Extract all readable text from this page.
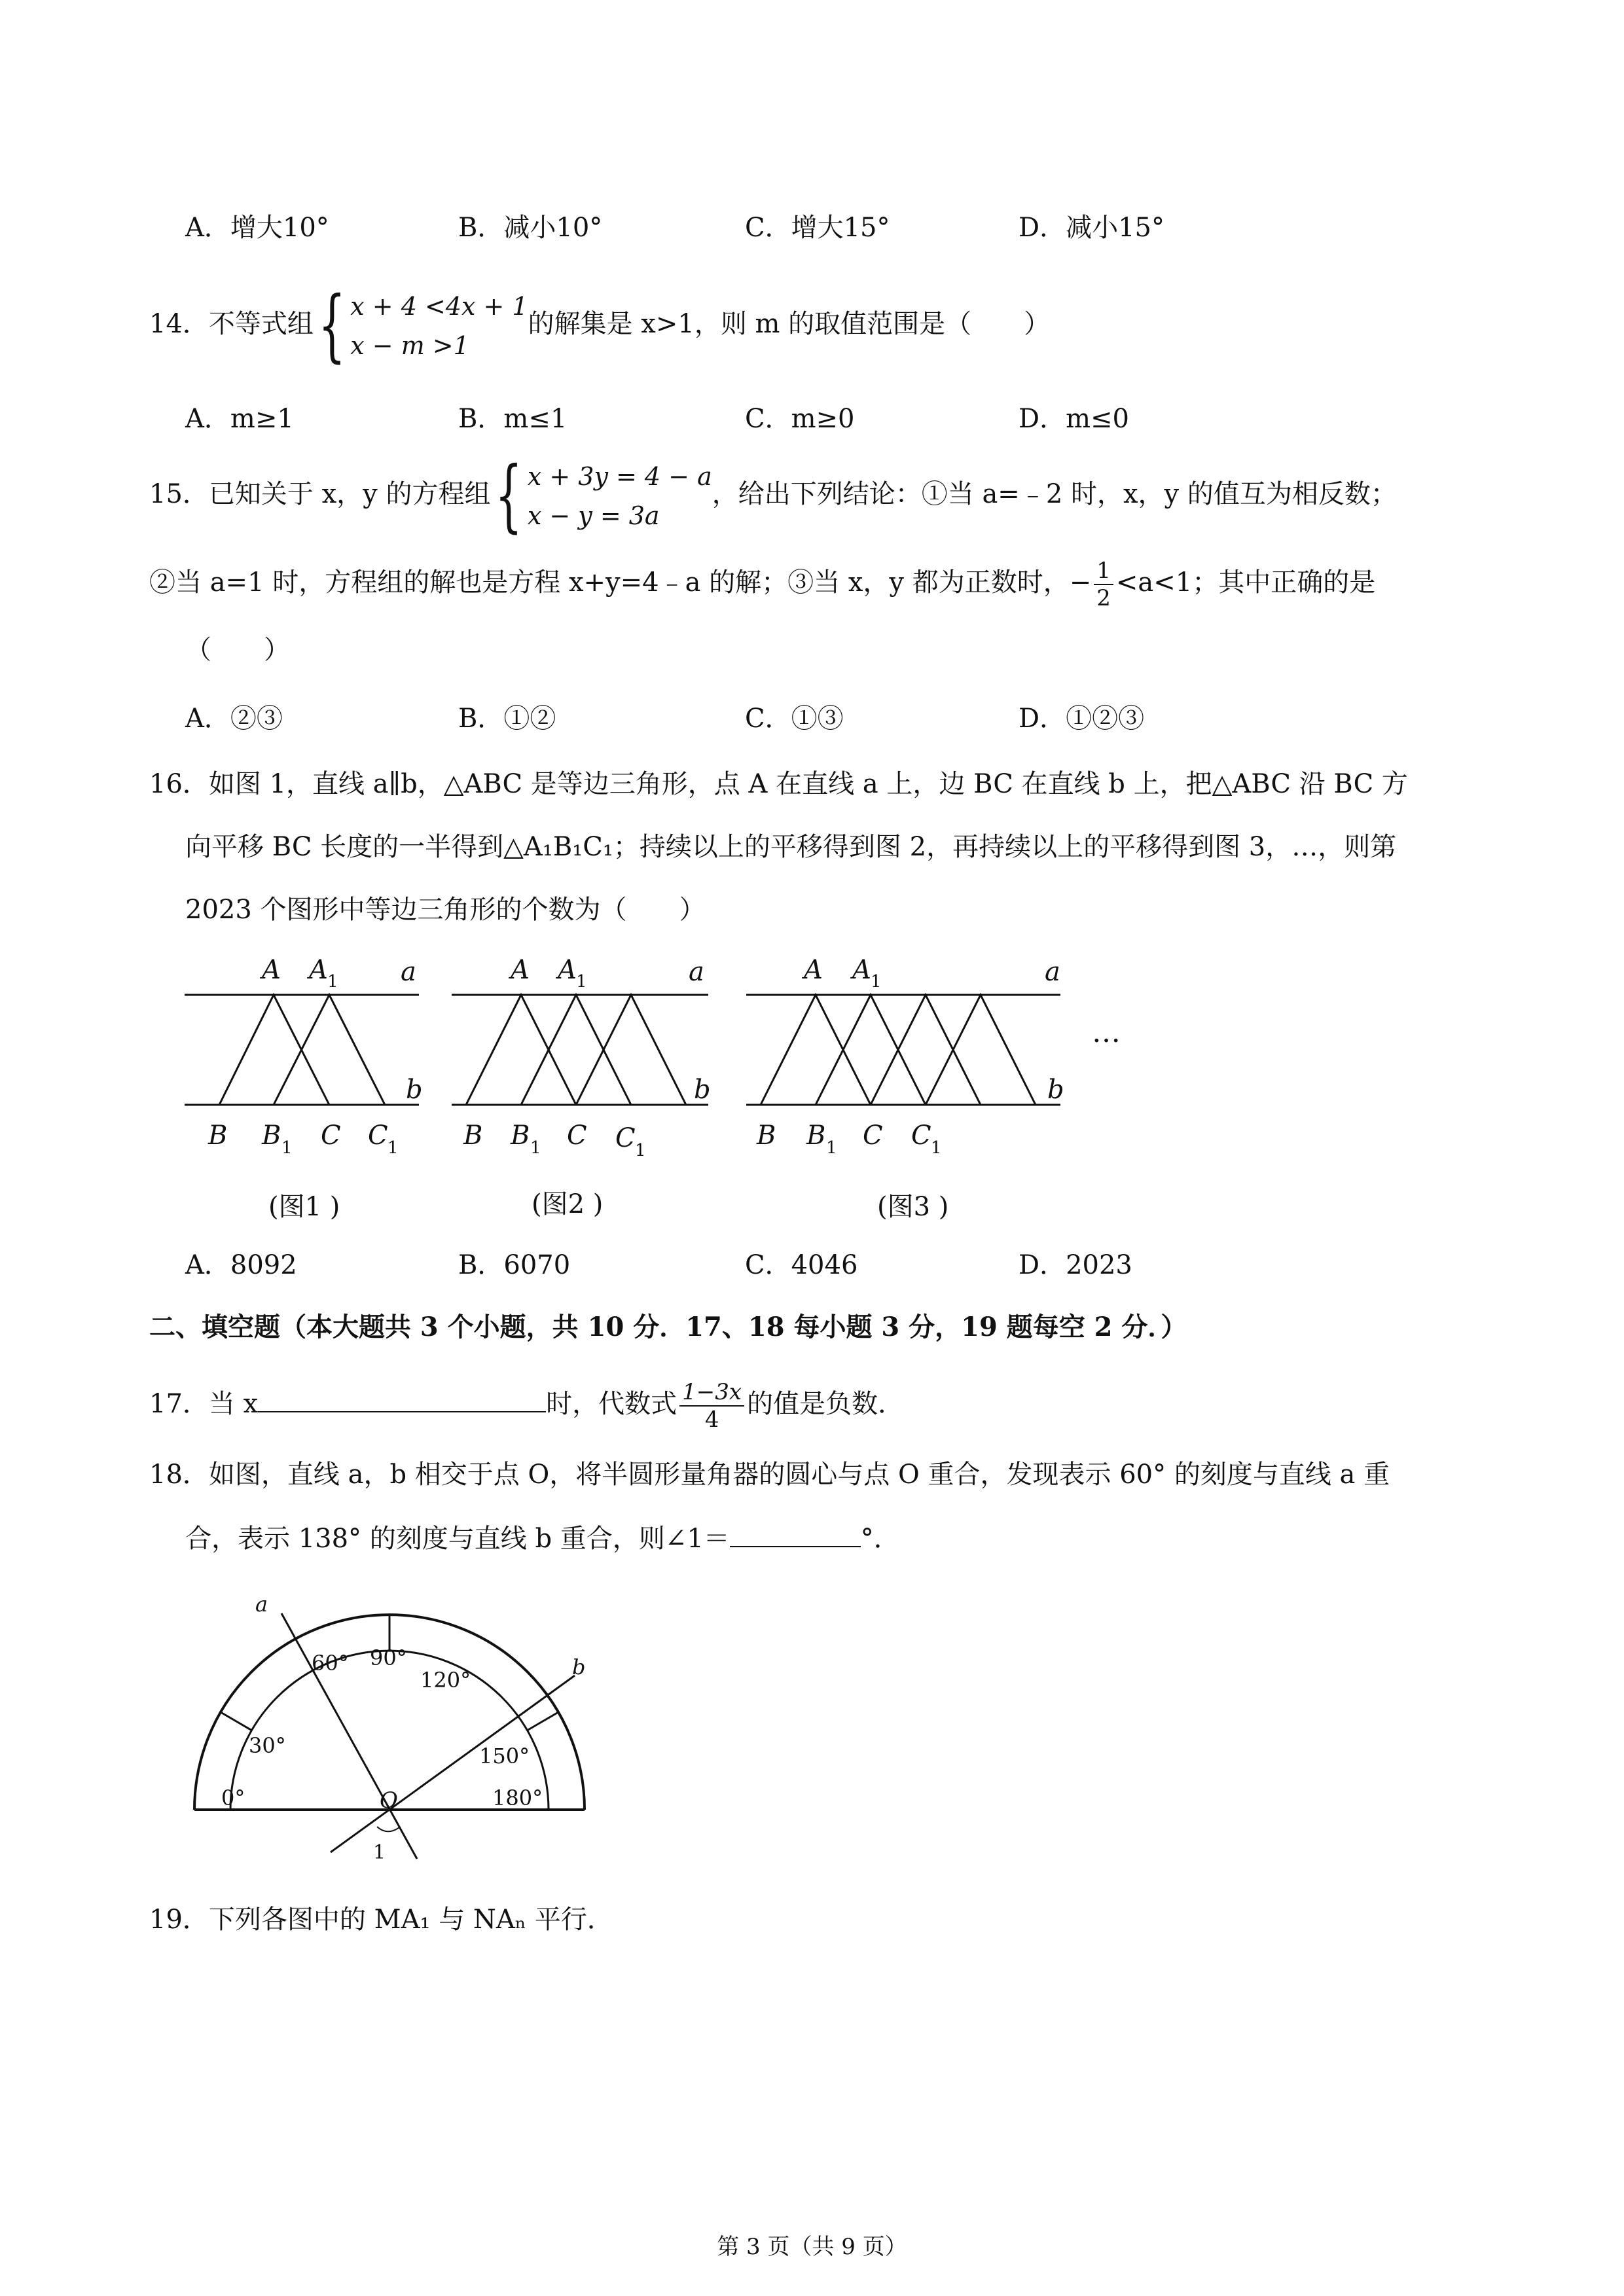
A．增大10°	B．减小10°	C．增大15°	D．减小15°
14．不等式组{ x + 4 <4x + 1
x − m >1
的解集是 x>1，则 m 的取值范围是（　　）
A．m≥1	B．m≤1	C．m≥0	D．m≤0
15．已知关于 x，y 的方程组{ x + 3y = 4 − a
x − y = 3a
，给出下列结论：①当 a=﹣2 时，x，y 的值互为相反数；
②当 a=1 时，方程组的解也是方程 x+y=4﹣a 的解；③当 x，y 都为正数时，− $\frac{1}{2} <a<1$；其中正确的是
（　　）
A．②③	B．①②	C．①③	D．①②③
16．如图 1，直线 a∥b，△ABC 是等边三角形，点 A 在直线 a 上，边 BC 在直线 b 上，把△ABC 沿 BC 方
向平移 BC 长度的一半得到△A₁B₁C₁；持续以上的平移得到图 2，再持续以上的平移得到图 3，…，则第
2023 个图形中等边三角形的个数为（　　）
A A 1 a
b
B B 1 C C 1
A A 1	a
b
B B 1 C C 1
A A 1	a
b
B B 1 C C 1
…
(图1 )	(图2 )	(图3 )
A．8092	B．6070	C．4046	D．2023
二、填空题（本大题共 3 个小题，共 10 分．17、18 每小题 3 分，19 题每空 2 分．）
17．当 x	时，代数式 $\frac{1-3x}{4}$ 的值是负数．
18．如图，直线 a，b 相交于点 O，将半圆形量角器的圆心与点 O 重合，发现表示 60° 的刻度与直线 a 重
合，表示 138° 的刻度与直线 b 重合，则∠1＝	°．
a
b
O
1
0°
30°
60° 90°
120°
150°
180°
19．下列各图中的 MA₁ 与 NAₙ 平行．
第 3 页（共 9 页）
